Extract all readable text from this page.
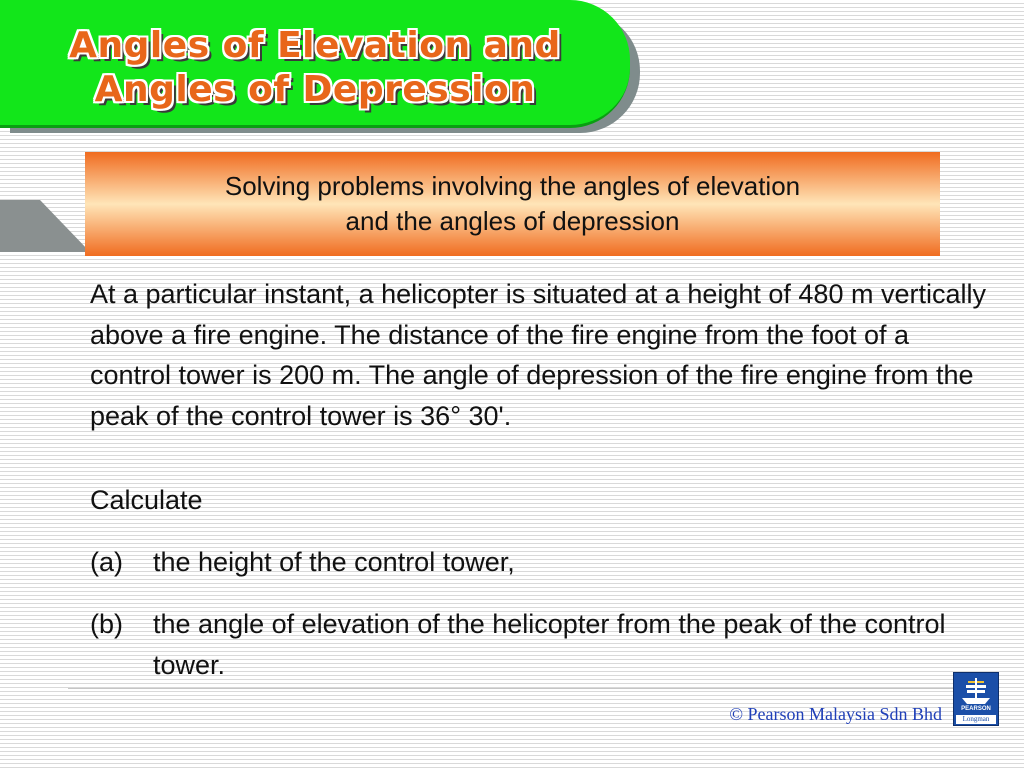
Angles of Elevation and
Angles of Depression
Solving problems involving the angles of elevation
and the angles of depression
At a particular instant, a helicopter is situated at a height of 480 m vertically above a fire engine. The distance of the fire engine from the foot of a control tower is 200 m. The angle of depression of the fire engine from the peak of the control tower is 36° 30'.
Calculate
(a) the height of the control tower,
(b) the angle of elevation of the helicopter from the peak of the control tower.
© Pearson Malaysia Sdn Bhd	PEARSON
Longman
